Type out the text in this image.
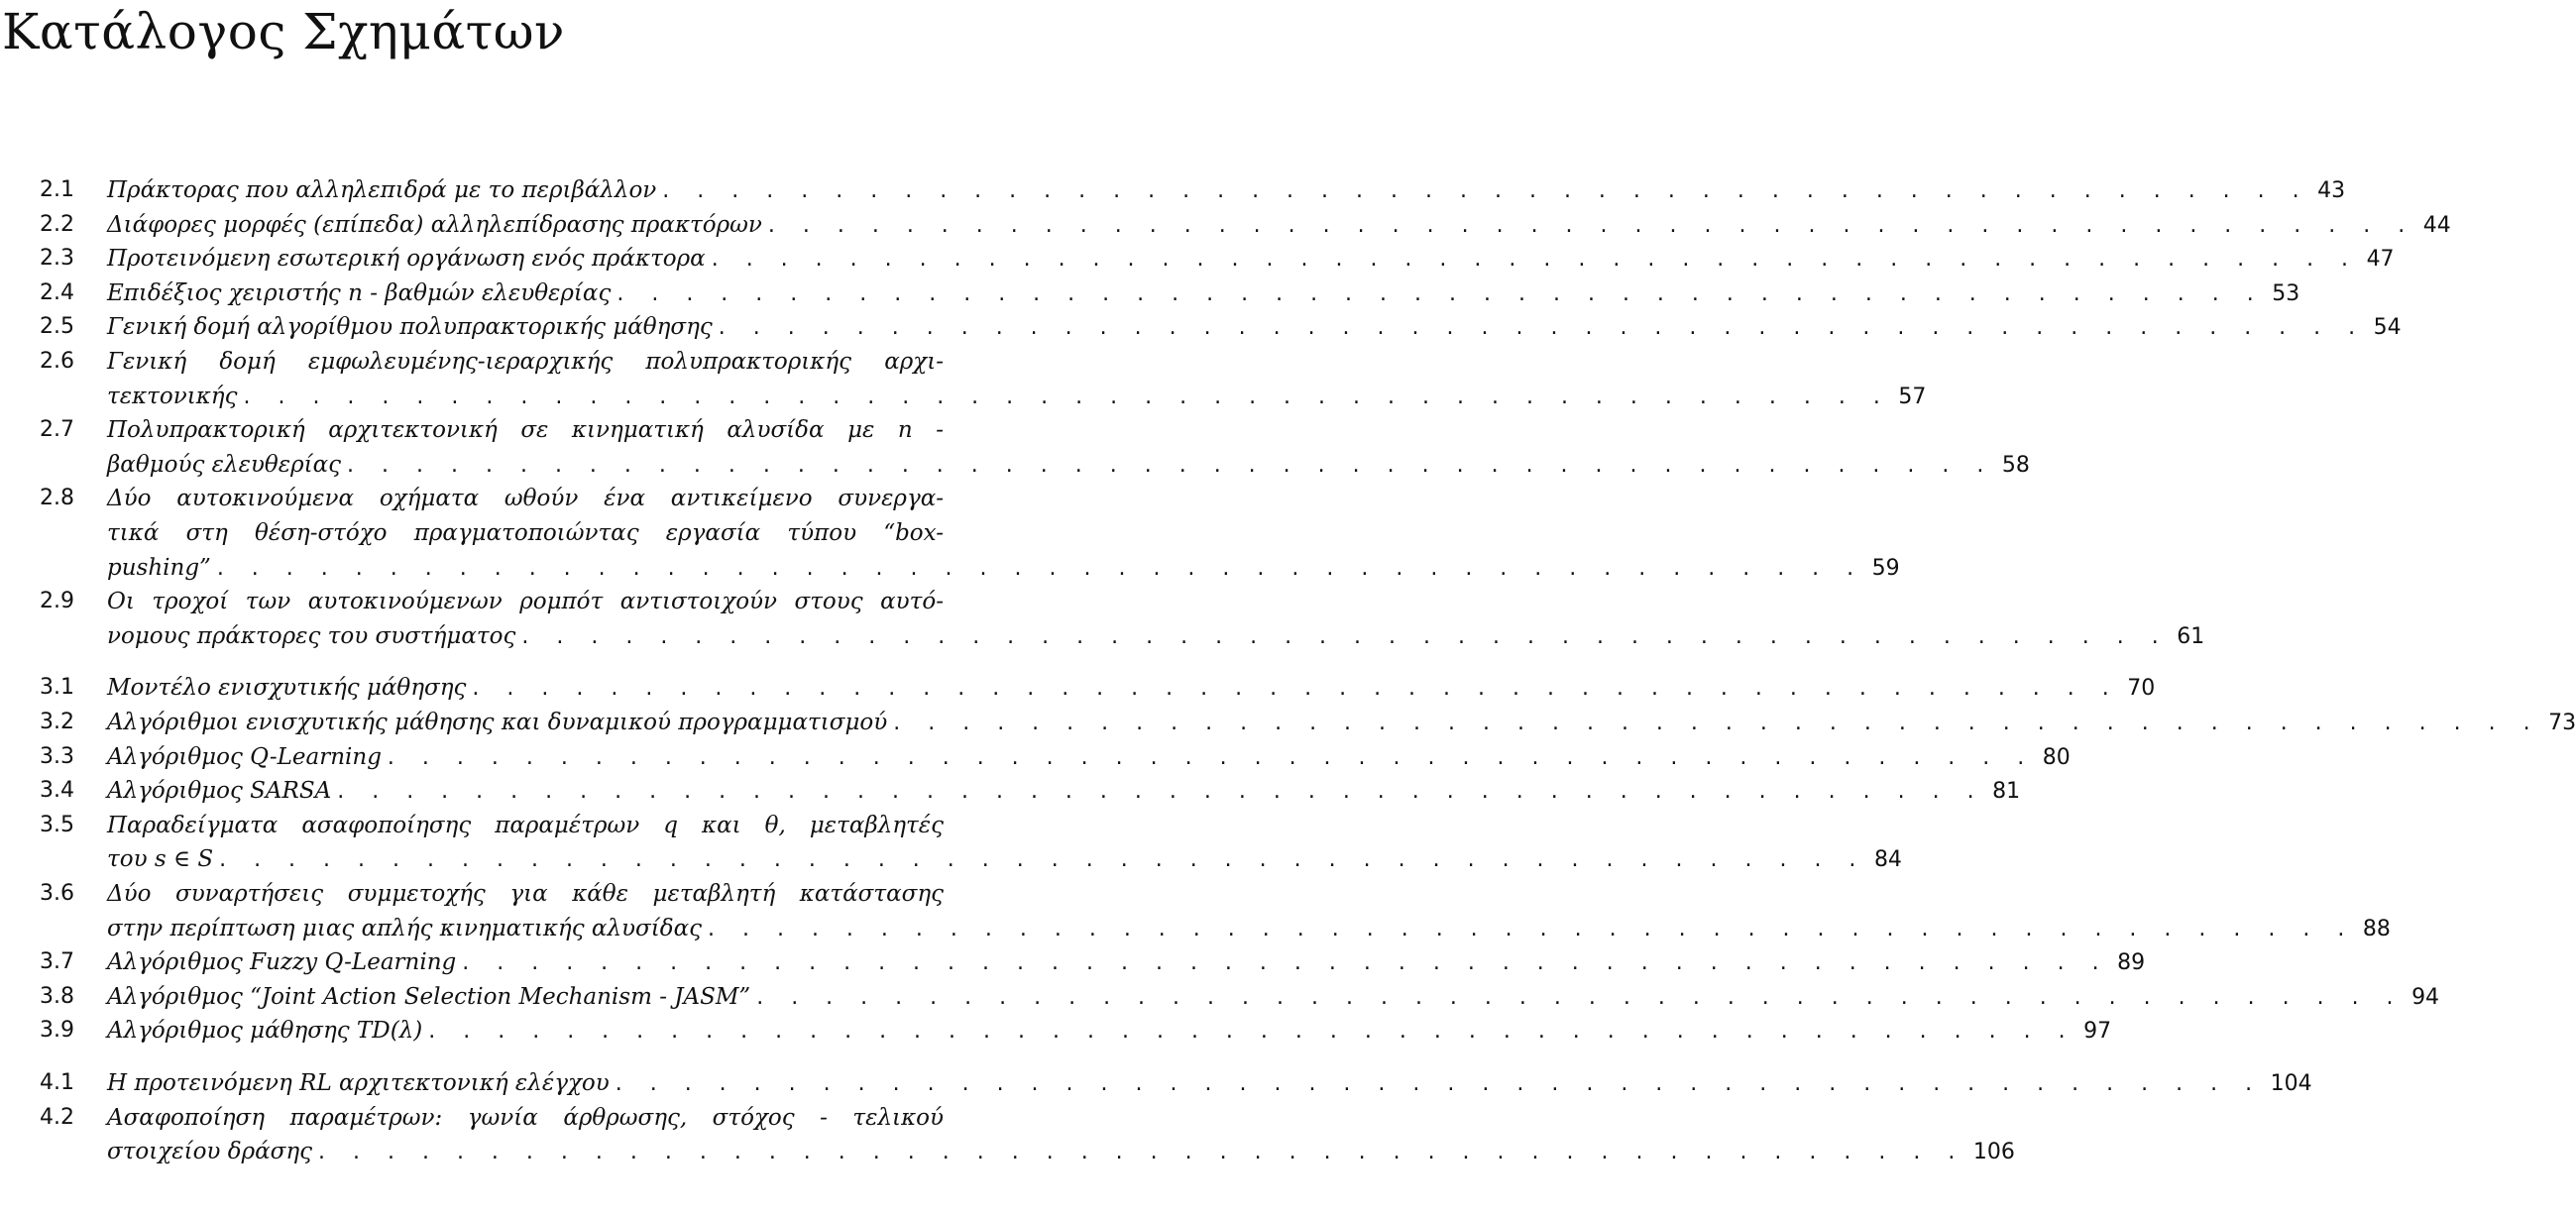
Κατάλογος Σχημάτων
2.1	Πράκτορας που αλληλεπιδρά με το περιβάλλον . . . . . . . . . . . . . . . . . . . . . . . . . . . . . . . . . . . . . . . . . . . . . . . . 43
2.2	Διάφορες μορφές (επίπεδα) αλληλεπίδρασης πρακτόρων . . . . . . . . . . . . . . . . . . . . . . . . . . . . . . . . . . . . . . . . . . . . . . . . 44
2.3	Προτεινόμενη εσωτερική οργάνωση ενός πράκτορα . . . . . . . . . . . . . . . . . . . . . . . . . . . . . . . . . . . . . . . . . . . . . . . . 47
2.4	Επιδέξιος χειριστής n - βαθμών ελευθερίας . . . . . . . . . . . . . . . . . . . . . . . . . . . . . . . . . . . . . . . . . . . . . . . . 53
2.5	Γενική δομή αλγορίθμου πολυπρακτορικής μάθησης . . . . . . . . . . . . . . . . . . . . . . . . . . . . . . . . . . . . . . . . . . . . . . . . 54
2.6	Γενική δομή εμφωλευμένης-ιεραρχικής πολυπρακτορικής αρχι-
τεκτονικής . . . . . . . . . . . . . . . . . . . . . . . . . . . . . . . . . . . . . . . . . . . . . . . . 57
2.7	Πολυπρακτορική αρχιτεκτονική σε κινηματική αλυσίδα με n -
βαθμούς ελευθερίας . . . . . . . . . . . . . . . . . . . . . . . . . . . . . . . . . . . . . . . . . . . . . . . . 58
2.8	Δύο αυτοκινούμενα οχήματα ωθούν ένα αντικείμενο συνεργα-
τικά στη θέση-στόχο πραγματοποιώντας εργασία τύπου “box-
pushing” . . . . . . . . . . . . . . . . . . . . . . . . . . . . . . . . . . . . . . . . . . . . . . . . 59
2.9	Οι τροχοί των αυτοκινούμενων ρομπότ αντιστοιχούν στους αυτό-
νομους πράκτορες του συστήματος . . . . . . . . . . . . . . . . . . . . . . . . . . . . . . . . . . . . . . . . . . . . . . . . 61
3.1	Μοντέλο ενισχυτικής μάθησης . . . . . . . . . . . . . . . . . . . . . . . . . . . . . . . . . . . . . . . . . . . . . . . . 70
3.2	Αλγόριθμοι ενισχυτικής μάθησης και δυναμικού προγραμματισμού . . . . . . . . . . . . . . . . . . . . . . . . . . . . . . . . . . . . . . . . . . . . . . . . 73
3.3	Αλγόριθμος Q-Learning . . . . . . . . . . . . . . . . . . . . . . . . . . . . . . . . . . . . . . . . . . . . . . . . 80
3.4	Αλγόριθμος SARSA . . . . . . . . . . . . . . . . . . . . . . . . . . . . . . . . . . . . . . . . . . . . . . . . 81
3.5	Παραδείγματα ασαφοποίησης παραμέτρων q και θ, μεταβλητές
του s ∈ S . . . . . . . . . . . . . . . . . . . . . . . . . . . . . . . . . . . . . . . . . . . . . . . . 84
3.6	Δύο συναρτήσεις συμμετοχής για κάθε μεταβλητή κατάστασης
στην περίπτωση μιας απλής κινηματικής αλυσίδας . . . . . . . . . . . . . . . . . . . . . . . . . . . . . . . . . . . . . . . . . . . . . . . . 88
3.7	Αλγόριθμος Fuzzy Q-Learning . . . . . . . . . . . . . . . . . . . . . . . . . . . . . . . . . . . . . . . . . . . . . . . . 89
3.8	Αλγόριθμος “Joint Action Selection Mechanism - JASM” . . . . . . . . . . . . . . . . . . . . . . . . . . . . . . . . . . . . . . . . . . . . . . . . 94
3.9	Αλγόριθμος μάθησης TD(λ) . . . . . . . . . . . . . . . . . . . . . . . . . . . . . . . . . . . . . . . . . . . . . . . . 97
4.1	Η προτεινόμενη RL αρχιτεκτονική ελέγχου . . . . . . . . . . . . . . . . . . . . . . . . . . . . . . . . . . . . . . . . . . . . . . . . 104
4.2	Ασαφοποίηση παραμέτρων: γωνία άρθρωσης, στόχος - τελικού
στοιχείου δράσης . . . . . . . . . . . . . . . . . . . . . . . . . . . . . . . . . . . . . . . . . . . . . . . . 106
